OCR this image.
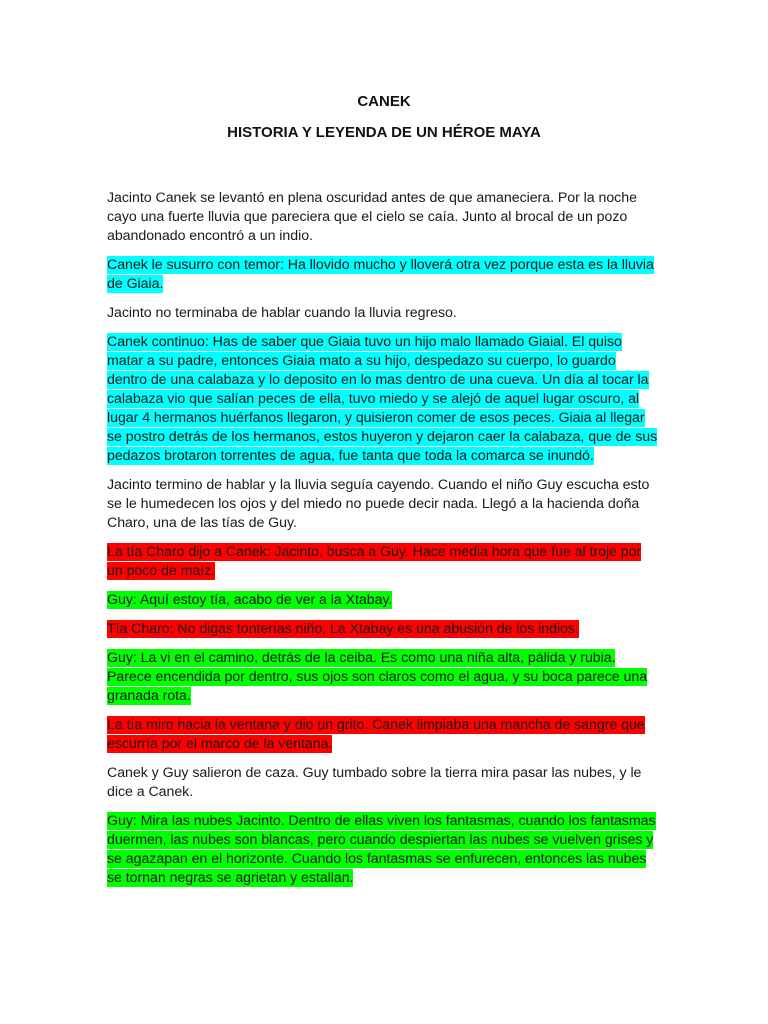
CANEK
HISTORIA Y LEYENDA DE UN HÉROE MAYA

Jacinto Canek se levantó en plena oscuridad antes de que amaneciera. Por la noche cayo una fuerte lluvia que pareciera que el cielo se caía. Junto al brocal de un pozo abandonado encontró a un indio.

Canek le susurro con temor: Ha llovido mucho y lloverá otra vez porque esta es la lluvia de Giaia.

Jacinto no terminaba de hablar cuando la lluvia regreso.

Canek continuo: Has de saber que Giaia tuvo un hijo malo llamado Giaial. El quiso matar a su padre, entonces Giaia mato a su hijo, despedazo su cuerpo, lo guardo dentro de una calabaza y lo deposito en lo mas dentro de una cueva. Un día al tocar la calabaza vio que salían peces de ella, tuvo miedo y se alejó de aquel lugar oscuro, al lugar 4 hermanos huérfanos llegaron, y quisieron comer de esos peces. Giaia al llegar se postro detrás de los hermanos, estos huyeron y dejaron caer la calabaza, que de sus pedazos brotaron torrentes de agua, fue tanta que toda la comarca se inundó.

Jacinto termino de hablar y la lluvia seguía cayendo. Cuando el niño Guy escucha esto se le humedecen los ojos y del miedo no puede decir nada. Llegó a la hacienda doña Charo, una de las tías de Guy.

La tía Charo dijo a Canek: Jacinto, busca a Guy. Hace media hora que fue al troje por un poco de maíz.

Guy: Aquí estoy tía, acabo de ver a la Xtabay.

Tía Charo: No digas tonterías niño, La Xtabay es una abusión de los indios.

Guy: La vi en el camino, detrás de la ceiba. Es como una niña alta, pálida y rubia. Parece encendida por dentro, sus ojos son claros como el agua, y su boca parece una granada rota.

La tía miro hacia la ventana y dio un grito. Canek limpiaba una mancha de sangre que escurría por el marco de la ventana.

Canek y Guy salieron de caza. Guy tumbado sobre la tierra mira pasar las nubes, y le dice a Canek.

Guy: Mira las nubes Jacinto. Dentro de ellas viven los fantasmas, cuando los fantasmas duermen, las nubes son blancas, pero cuando despiertan las nubes se vuelven grises y se agazapan en el horizonte. Cuando los fantasmas se enfurecen, entonces las nubes se tornan negras se agrietan y estallan.
